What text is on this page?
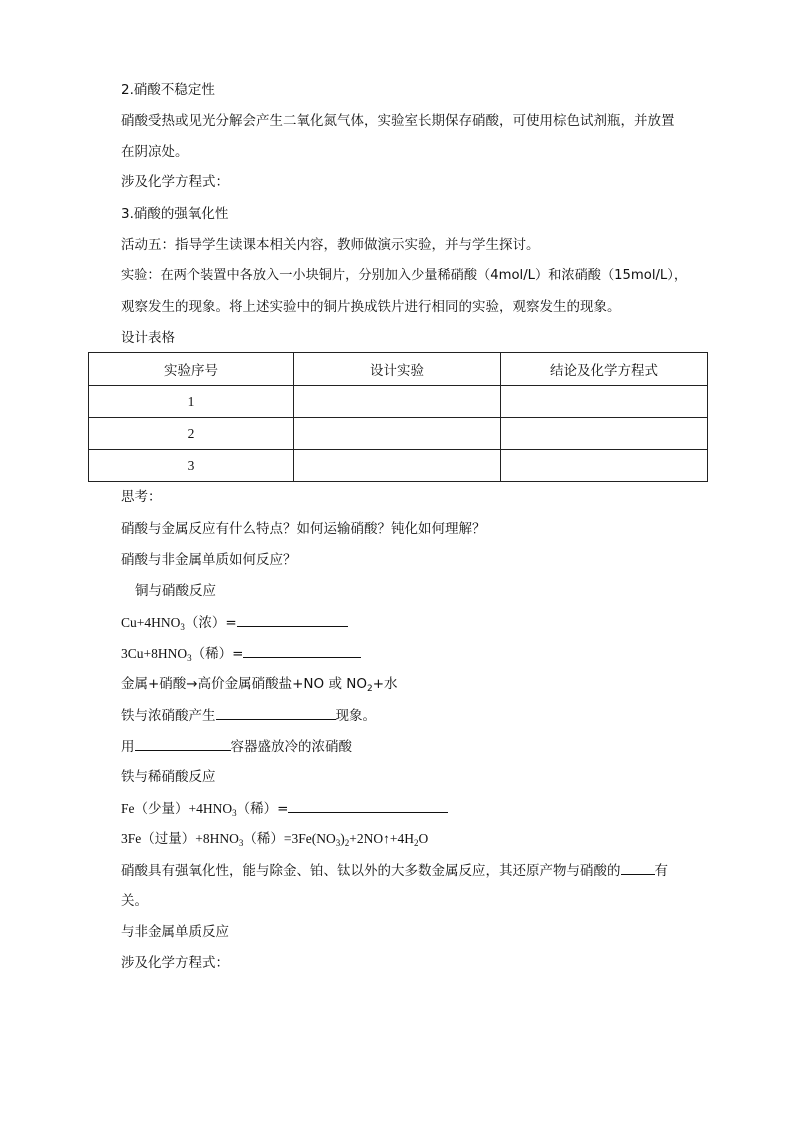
2.硝酸不稳定性
硝酸受热或见光分解会产生二氧化氮气体，实验室长期保存硝酸，可使用棕色试剂瓶，并放置
在阴凉处。
涉及化学方程式：
3.硝酸的强氧化性
活动五：指导学生读课本相关内容，教师做演示实验，并与学生探讨。
实验：在两个装置中各放入一小块铜片，分别加入少量稀硝酸（4mol/L）和浓硝酸（15mol/L），
观察发生的现象。将上述实验中的铜片换成铁片进行相同的实验，观察发生的现象。
设计表格
实验序号	设计实验	结论及化学方程式
1		
2		
3		
思考：
硝酸与金属反应有什么特点？如何运输硝酸？钝化如何理解？
硝酸与非金属单质如何反应？
铜与硝酸反应
$Cu+4HNO_3$（浓）=
$3Cu+8HNO_3$（稀）=
金属+硝酸→高价金属硝酸盐+NO 或 $NO_2+$水
铁与浓硝酸产生	现象。
用	容器盛放冷的浓硝酸
铁与稀硝酸反应
Fe（少量）$+4HNO_3$（稀）=
3Fe（过量）$+8HNO_3$（稀）$=3Fe(NO_3)_2+2NO↑+4H_2O$
硝酸具有强氧化性，能与除金、铂、钛以外的大多数金属反应，其还原产物与硝酸的	有
关。
与非金属单质反应
涉及化学方程式：
